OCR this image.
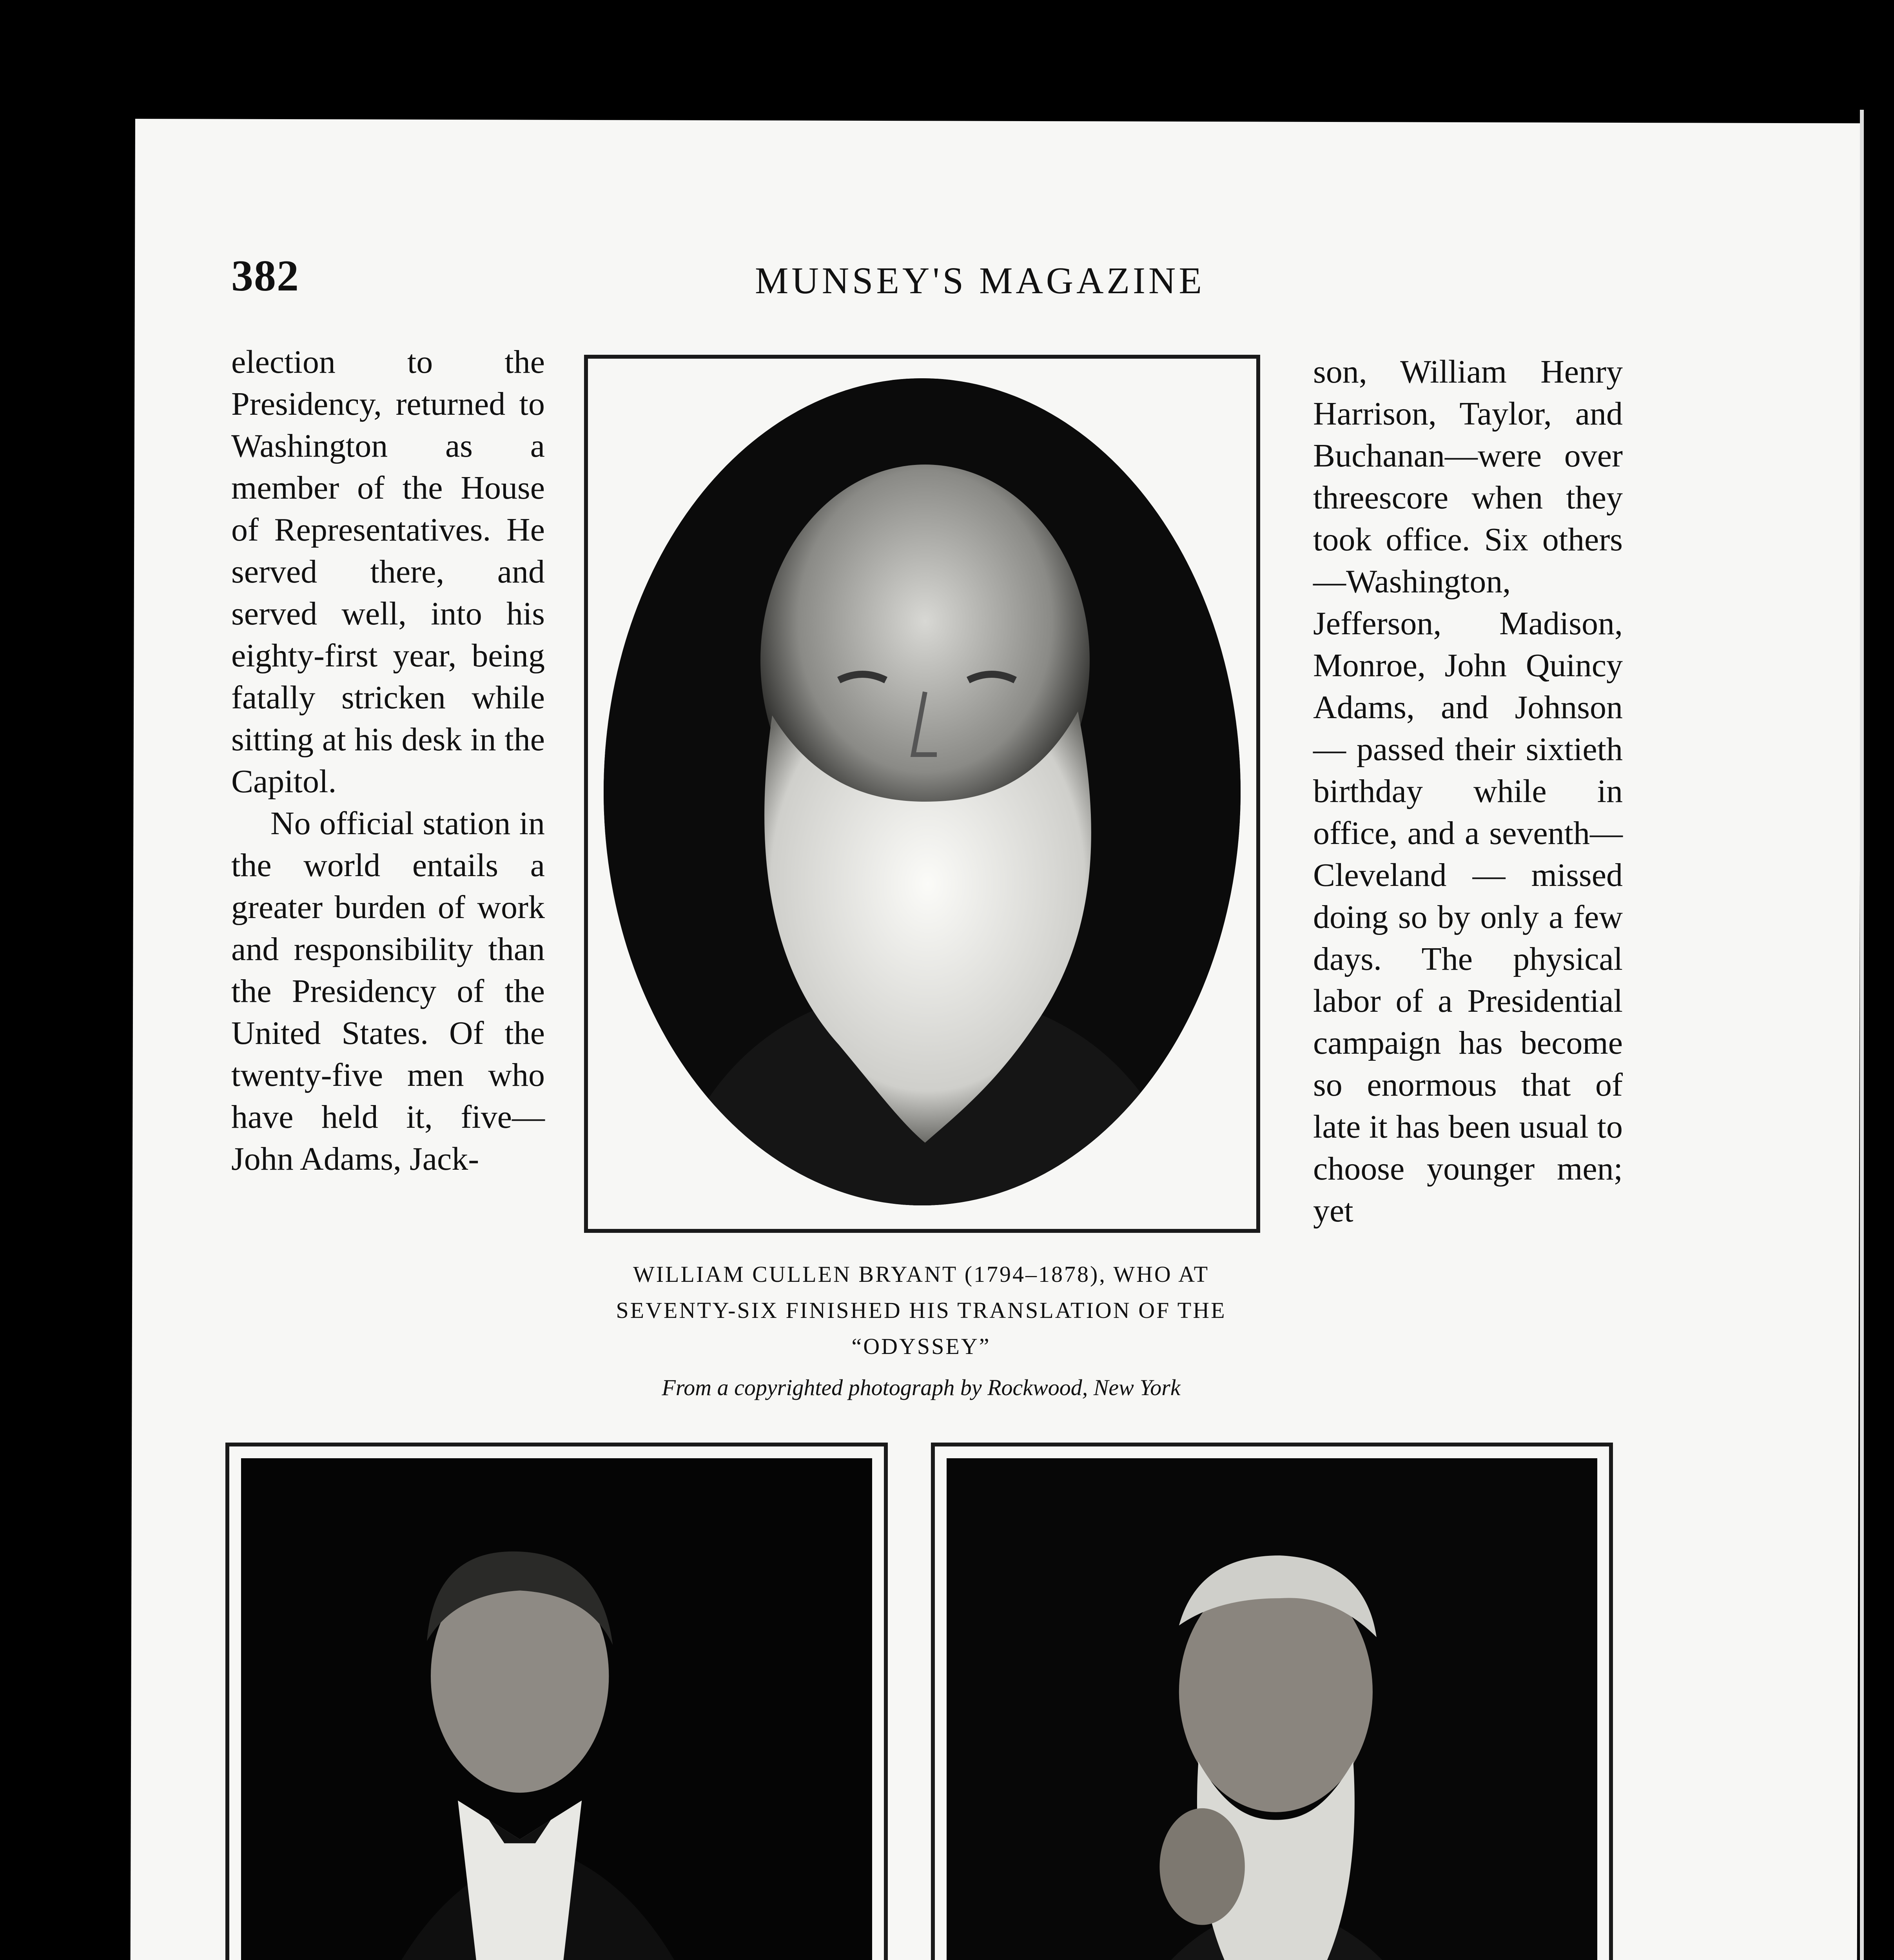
382	MUNSEY'S MAGAZINE

election to the Presidency, returned to Washington as a member of the House of Representatives. He served there, and served well, into his eighty-first year, being fatally stricken while sitting at his desk in the Capitol.

No official station in the world entails a greater burden of work and responsibility than the Presidency of the United States. Of the twenty-five men who have held it, five—John Adams, Jack-

son, William Henry Harrison, Taylor, and Buchanan—were over threescore when they took office. Six others—Washington, Jefferson, Madison, Monroe, John Quincy Adams, and Johnson — passed their sixtieth birthday while in office, and a seventh—Cleveland — missed doing so by only a few days. The physical labor of a Presidential campaign has become so enormous that of late it has been usual to choose younger men; yet

WILLIAM CULLEN BRYANT (1794–1878), WHO AT SEVENTY-SIX FINISHED HIS TRANSLATION OF THE “ODYSSEY”
From a copyrighted photograph by Rockwood, New York
